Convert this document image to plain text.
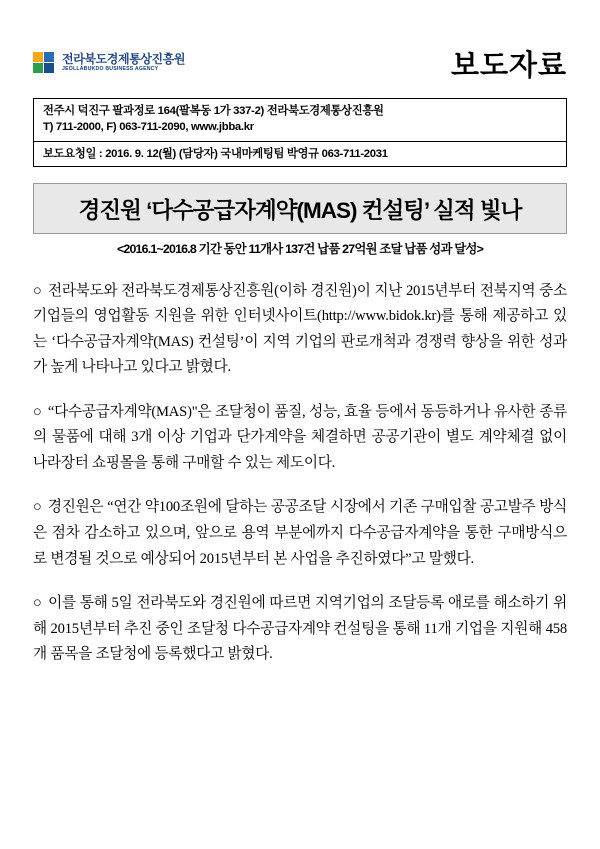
전라북도경제통상진흥원
JEOLLABUKDO BUSINESS AGENCY	보도자료
전주시 덕진구 팔과정로 164(팔복동 1가 337-2) 전라북도경제통상진흥원
T) 711-2000, F) 063-711-2090, www.jbba.kr
보도요청일 : 2016. 9. 12(월) (담당자) 국내마케팅팀 박영규 063-711-2031
경진원 ‘다수공급자계약(MAS) 컨설팅’ 실적 빛나
<2016.1~2016.8 기간 동안 11개사 137건 납품 27억원 조달 납품 성과 달성>

○ 전라북도와 전라북도경제통상진흥원(이하 경진원)이 지난 2015년부터 전북지역 중소기업들의 영업활동 지원을 위한 인터넷사이트(http://www.bidok.kr)를 통해 제공하고 있는 ‘다수공급자계약(MAS) 컨설팅’이 지역 기업의 판로개척과 경쟁력 향상을 위한 성과가 높게 나타나고 있다고 밝혔다.

○ “다수공급자계약(MAS)"은 조달청이 품질, 성능, 효율 등에서 동등하거나 유사한 종류의 물품에 대해 3개 이상 기업과 단가계약을 체결하면 공공기관이 별도 계약체결 없이 나라장터 쇼핑몰을 통해 구매할 수 있는 제도이다.

○ 경진원은 “연간 약100조원에 달하는 공공조달 시장에서 기존 구매입찰 공고발주 방식은 점차 감소하고 있으며, 앞으로 용역 부분에까지 다수공급자계약을 통한 구매방식으로 변경될 것으로 예상되어 2015년부터 본 사업을 추진하였다”고 말했다.

○ 이를 통해 5일 전라북도와 경진원에 따르면 지역기업의 조달등록 애로를 해소하기 위해 2015년부터 추진 중인 조달청 다수공급자계약 컨설팅을 통해 11개 기업을 지원해 458개 품목을 조달청에 등록했다고 밝혔다.
